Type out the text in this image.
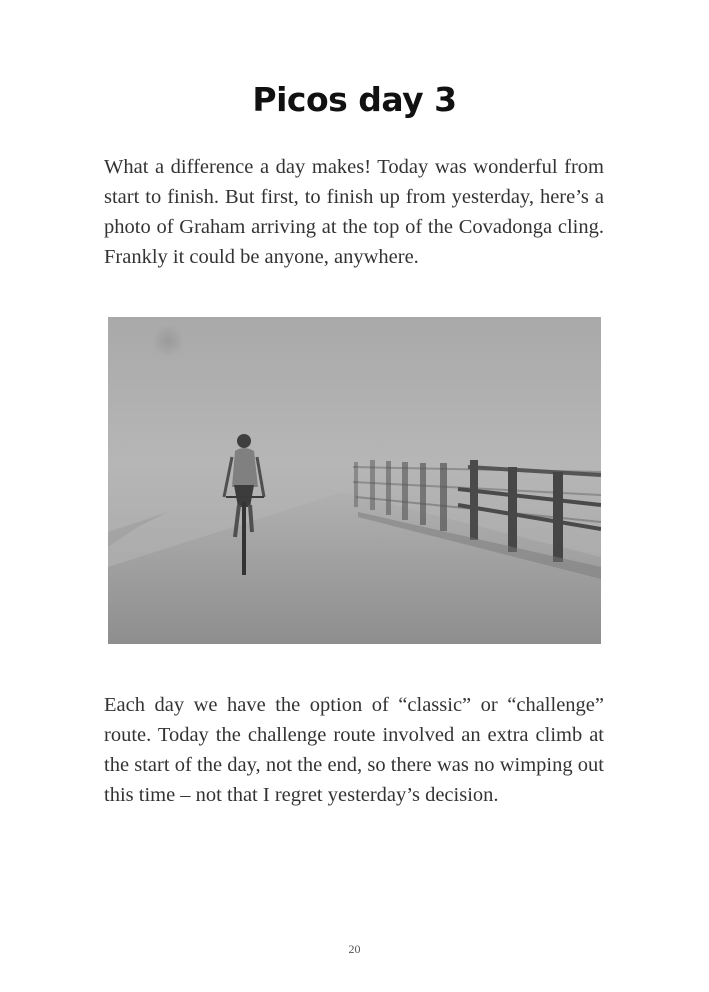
Picos day 3

What a difference a day makes! Today was wonderful from start to finish. But first, to finish up from yesterday, here’s a photo of Graham arriving at the top of the Covadonga cling. Frankly it could be anyone, anywhere.

Each day we have the option of “classic” or “challenge” route. Today the challenge route involved an extra climb at the start of the day, not the end, so there was no wimping out this time – not that I regret yesterday’s decision.

20
